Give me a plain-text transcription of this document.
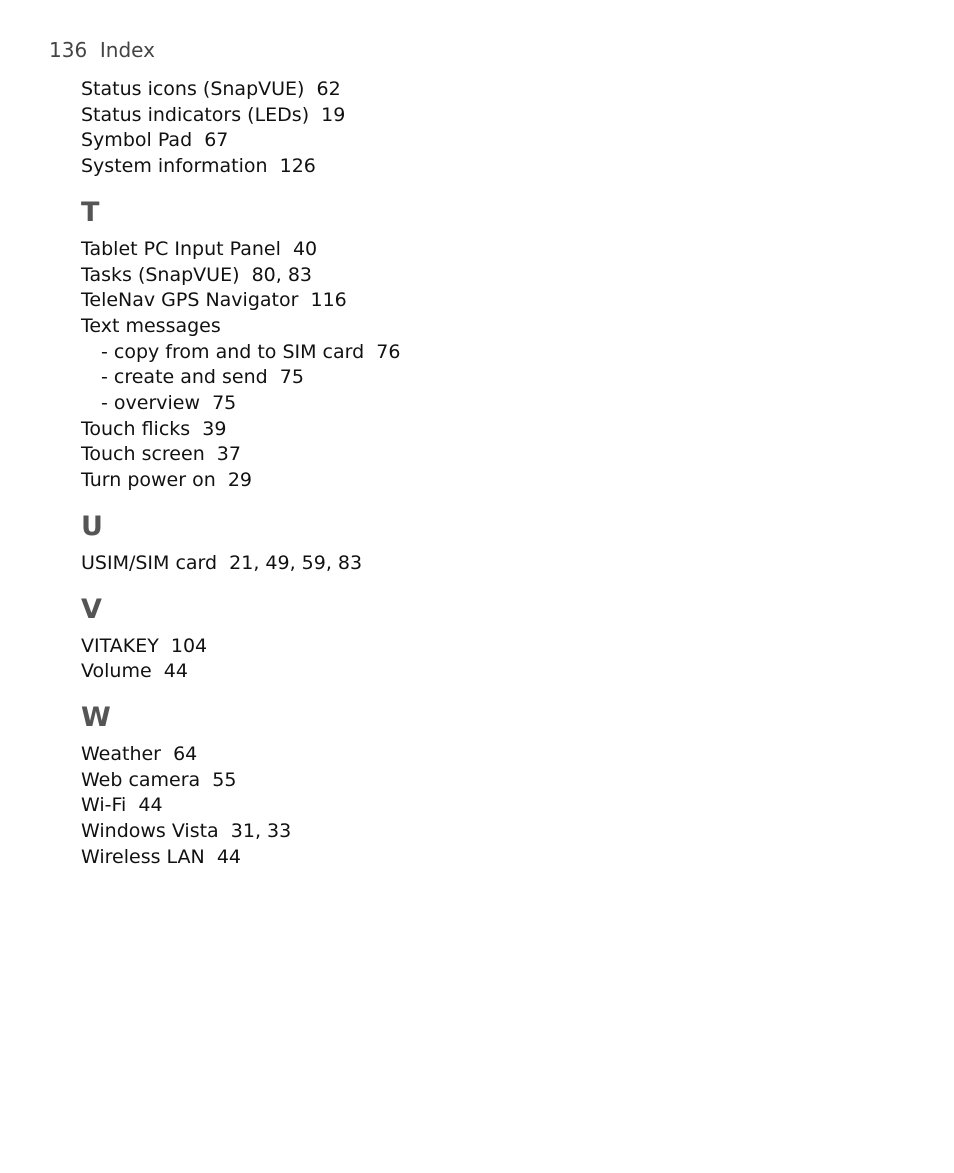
136 Index
Status icons (SnapVUE)  62
Status indicators (LEDs)  19
Symbol Pad  67
System information  126
T
Tablet PC Input Panel  40
Tasks (SnapVUE)  80, 83
TeleNav GPS Navigator  116
Text messages
- copy from and to SIM card  76
- create and send  75
- overview  75
Touch flicks  39
Touch screen  37
Turn power on  29
U
USIM/SIM card  21, 49, 59, 83
V
VITAKEY  104
Volume  44
W
Weather  64
Web camera  55
Wi-Fi  44
Windows Vista  31, 33
Wireless LAN  44
